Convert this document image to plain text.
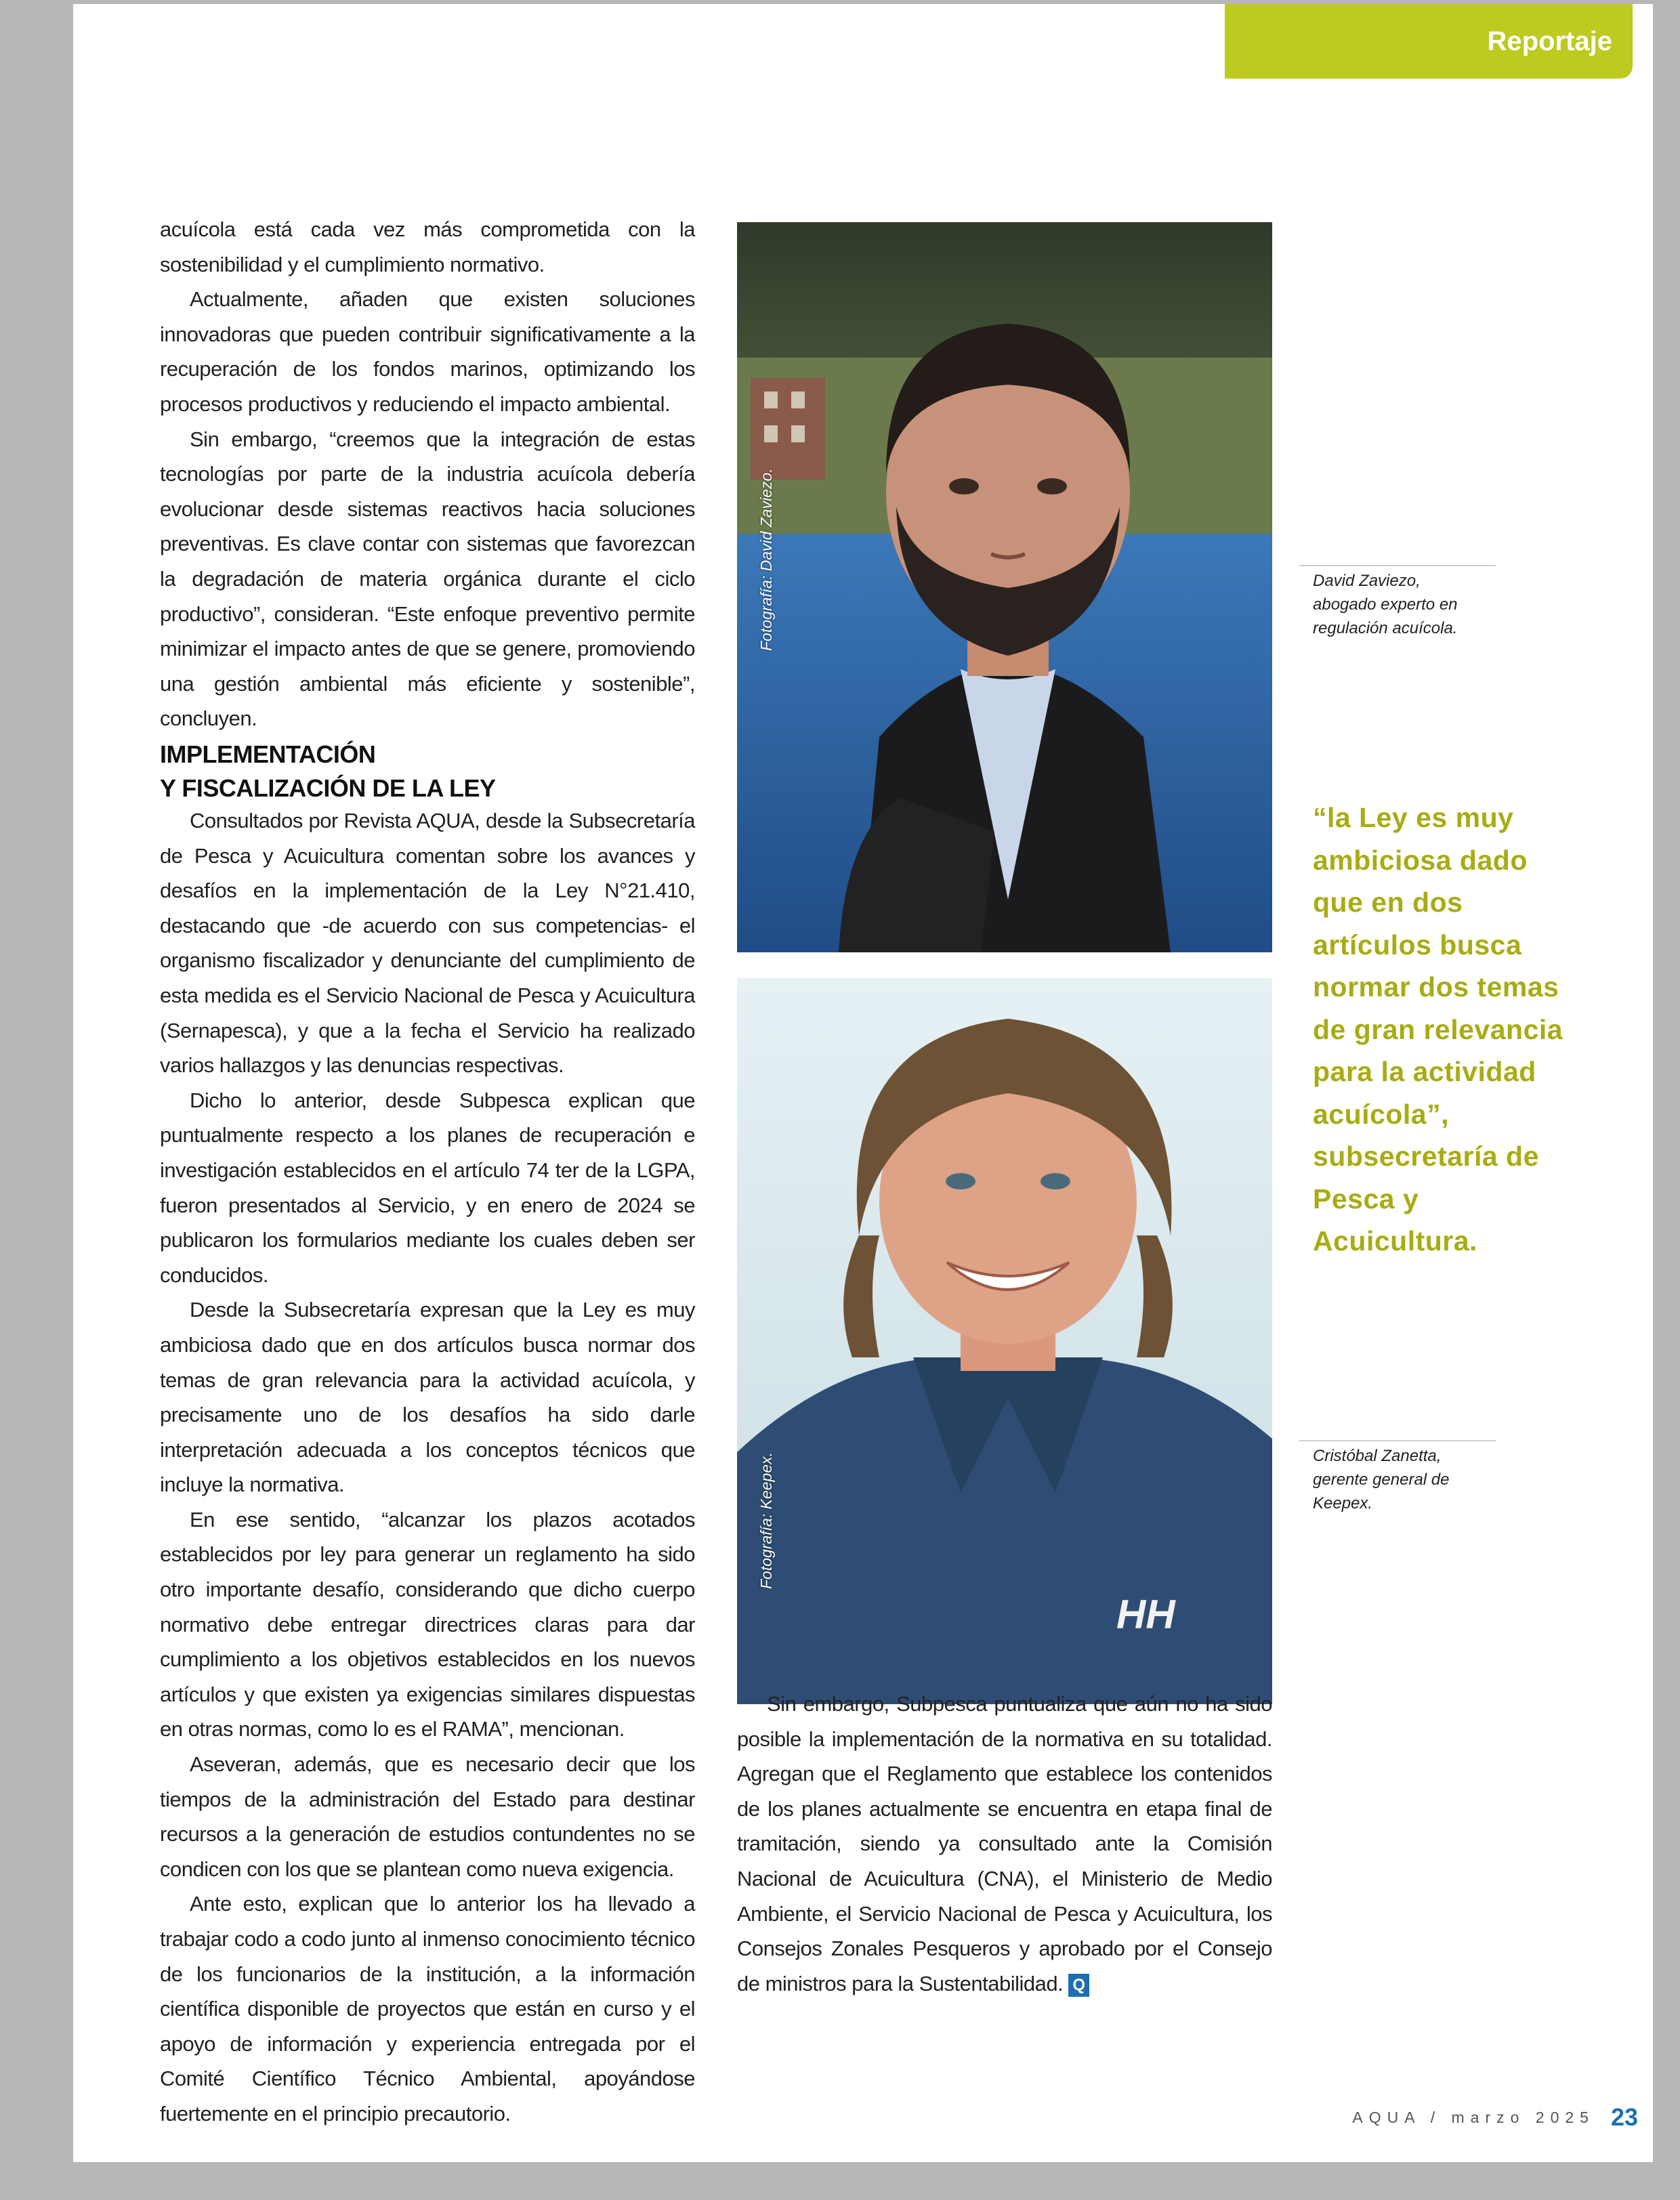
Reportaje

acuícola está cada vez más comprometida con la sostenibilidad y el cumplimiento normativo.

Actualmente, añaden que existen soluciones innovadoras que pueden contribuir significativamente a la recuperación de los fondos marinos, optimizando los procesos productivos y reduciendo el impacto ambiental.

Sin embargo, “creemos que la integración de estas tecnologías por parte de la industria acuícola debería evolucionar desde sistemas reactivos hacia soluciones preventivas. Es clave contar con sistemas que favorezcan la degradación de materia orgánica durante el ciclo productivo”, consideran. “Este enfoque preventivo permite minimizar el impacto antes de que se genere, promoviendo una gestión ambiental más eficiente y sostenible”, concluyen.

IMPLEMENTACIÓN
Y FISCALIZACIÓN DE LA LEY

Consultados por Revista AQUA, desde la Subsecretaría de Pesca y Acuicultura comentan sobre los avances y desafíos en la implementación de la Ley N°21.410, destacando que -de acuerdo con sus competencias- el organismo fiscalizador y denunciante del cumplimiento de esta medida es el Servicio Nacional de Pesca y Acuicultura (Sernapesca), y que a la fecha el Servicio ha realizado varios hallazgos y las denuncias respectivas.

Dicho lo anterior, desde Subpesca explican que puntualmente respecto a los planes de recuperación e investigación establecidos en el artículo 74 ter de la LGPA, fueron presentados al Servicio, y en enero de 2024 se publicaron los formularios mediante los cuales deben ser conducidos.

Desde la Subsecretaría expresan que la Ley es muy ambiciosa dado que en dos artículos busca normar dos temas de gran relevancia para la actividad acuícola, y precisamente uno de los desafíos ha sido darle interpretación adecuada a los conceptos técnicos que incluye la normativa.

En ese sentido, “alcanzar los plazos acotados establecidos por ley para generar un reglamento ha sido otro importante desafío, considerando que dicho cuerpo normativo debe entregar directrices claras para dar cumplimiento a los objetivos establecidos en los nuevos artículos y que existen ya exigencias similares dispuestas en otras normas, como lo es el RAMA”, mencionan.

Aseveran, además, que es necesario decir que los tiempos de la administración del Estado para destinar recursos a la generación de estudios contundentes no se condicen con los que se plantean como nueva exigencia.

Ante esto, explican que lo anterior los ha llevado a trabajar codo a codo junto al inmenso conocimiento técnico de los funcionarios de la institución, a la información científica disponible de proyectos que están en curso y el apoyo de información y experiencia entregada por el Comité Científico Técnico Ambiental, apoyándose fuertemente en el principio precautorio.

Fotografía: David Zaviezo.
HH
Fotografía: Keepex.
David Zaviezo,
abogado experto en
regulación acuícola.
“la Ley es muy ambiciosa dado que en dos artículos busca normar dos temas de gran relevancia para la actividad acuícola”, subsecretaría de Pesca y Acuicultura.
Cristóbal Zanetta,
gerente general de
Keepex.

Sin embargo, Subpesca puntualiza que aún no ha sido posible la implementación de la normativa en su totalidad. Agregan que el Reglamento que establece los contenidos de los planes actualmente se encuentra en etapa final de tramitación, siendo ya consultado ante la Comisión Nacional de Acuicultura (CNA), el Ministerio de Medio Ambiente, el Servicio Nacional de Pesca y Acuicultura, los Consejos Zonales Pesqueros y aprobado por el Consejo de ministros para la Sustentabilidad. Q

AQUA / marzo 2025 23
